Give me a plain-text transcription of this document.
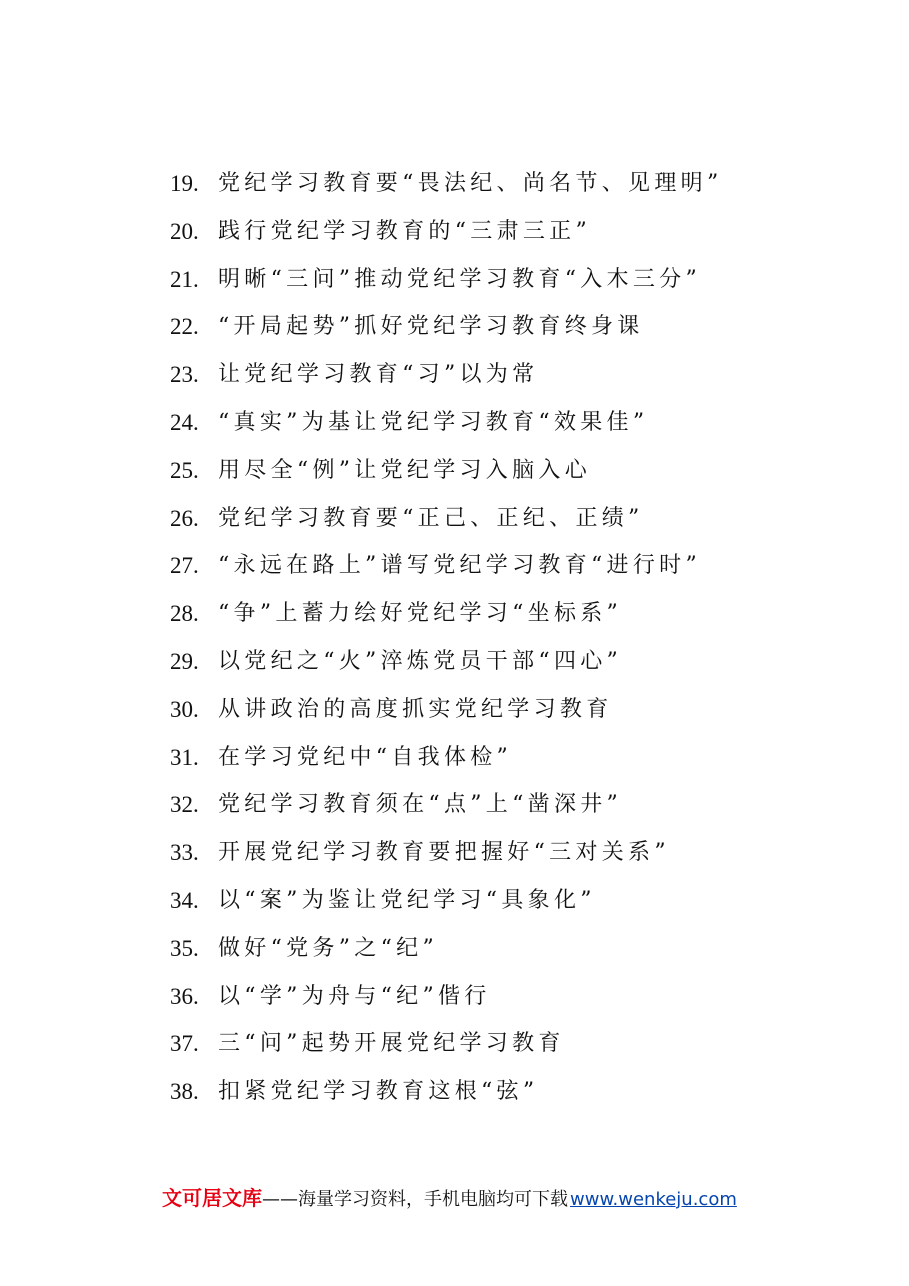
19. 党纪学习教育要“畏法纪、尚名节、见理明”
20. 践行党纪学习教育的“三肃三正”
21. 明晰“三问”推动党纪学习教育“入木三分”
22. “开局起势”抓好党纪学习教育终身课
23. 让党纪学习教育“习”以为常
24. “真实”为基让党纪学习教育“效果佳”
25. 用尽全“例”让党纪学习入脑入心
26. 党纪学习教育要“正己、正纪、正绩”
27. “永远在路上”谱写党纪学习教育“进行时”
28. “争”上蓄力绘好党纪学习“坐标系”
29. 以党纪之“火”淬炼党员干部“四心”
30. 从讲政治的高度抓实党纪学习教育
31. 在学习党纪中“自我体检”
32. 党纪学习教育须在“点”上“凿深井”
33. 开展党纪学习教育要把握好“三对关系”
34. 以“案”为鉴让党纪学习“具象化”
35. 做好“党务”之“纪”
36. 以“学”为舟与“纪”偕行
37. 三“问”起势开展党纪学习教育
38. 扣紧党纪学习教育这根“弦”
文可居文库 ——海量学习资料，手机电脑均可下载 www.wenkeju.com
